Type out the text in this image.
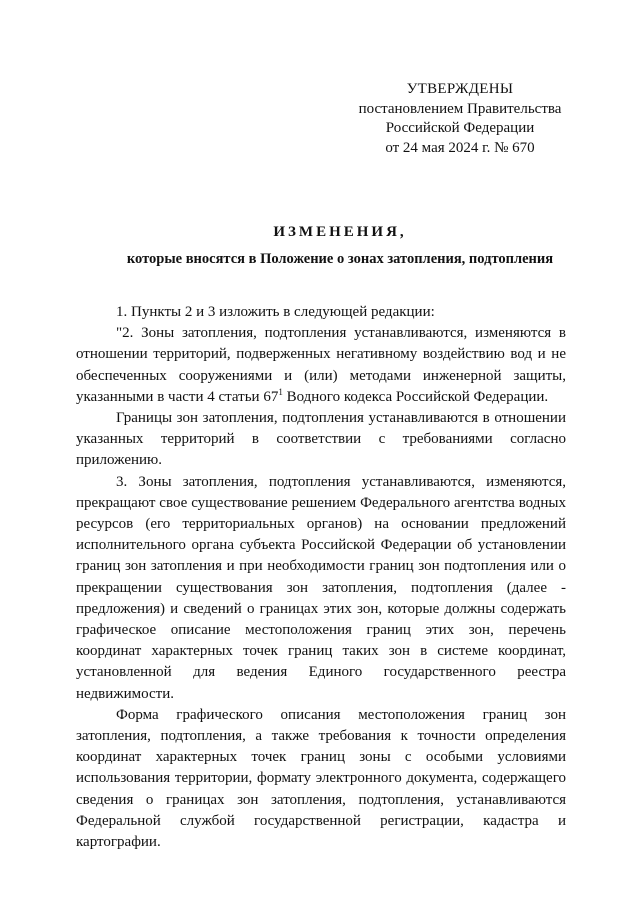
УТВЕРЖДЕНЫ
постановлением Правительства
Российской Федерации
от 24 мая 2024 г. № 670
ИЗМЕНЕНИЯ,
которые вносятся в Положение о зонах затопления, подтопления

1. Пункты 2 и 3 изложить в следующей редакции:

"2. Зоны затопления, подтопления устанавливаются, изменяются в отношении территорий, подверженных негативному воздействию вод и не обеспеченных сооружениями и (или) методами инженерной защиты, указанными в части 4 статьи $67^1$ Водного кодекса Российской Федерации.

Границы зон затопления, подтопления устанавливаются в отношении указанных территорий в соответствии с требованиями согласно приложению.

3. Зоны затопления, подтопления устанавливаются, изменяются, прекращают свое существование решением Федерального агентства водных ресурсов (его территориальных органов) на основании предложений исполнительного органа субъекта Российской Федерации об установлении границ зон затопления и при необходимости границ зон подтопления или о прекращении существования зон затопления, подтопления (далее - предложения) и сведений о границах этих зон, которые должны содержать графическое описание местоположения границ этих зон, перечень координат характерных точек границ таких зон в системе координат, установленной для ведения Единого государственного реестра недвижимости.

Форма графического описания местоположения границ зон затопления, подтопления, а также требования к точности определения координат характерных точек границ зоны с особыми условиями использования территории, формату электронного документа, содержащего сведения о границах зон затопления, подтопления, устанавливаются Федеральной службой государственной регистрации, кадастра и картографии.
